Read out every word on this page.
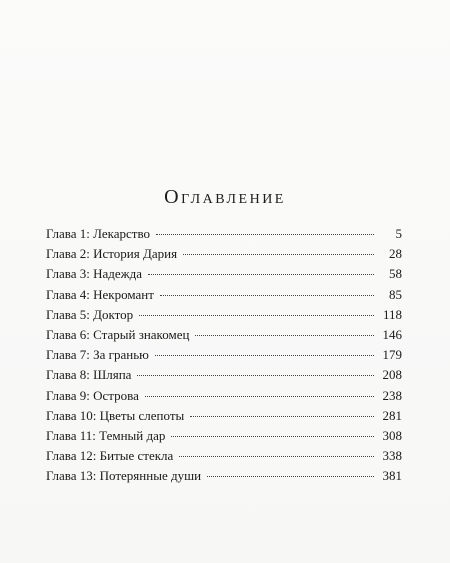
Оглавление
Глава 1: Лекарство	5
Глава 2: История Дария	28
Глава 3: Надежда	58
Глава 4: Некромант	85
Глава 5: Доктор	118
Глава 6: Старый знакомец	146
Глава 7: За гранью	179
Глава 8: Шляпа	208
Глава 9: Острова	238
Глава 10: Цветы слепоты	281
Глава 11: Темный дар	308
Глава 12: Битые стекла	338
Глава 13: Потерянные души	381
